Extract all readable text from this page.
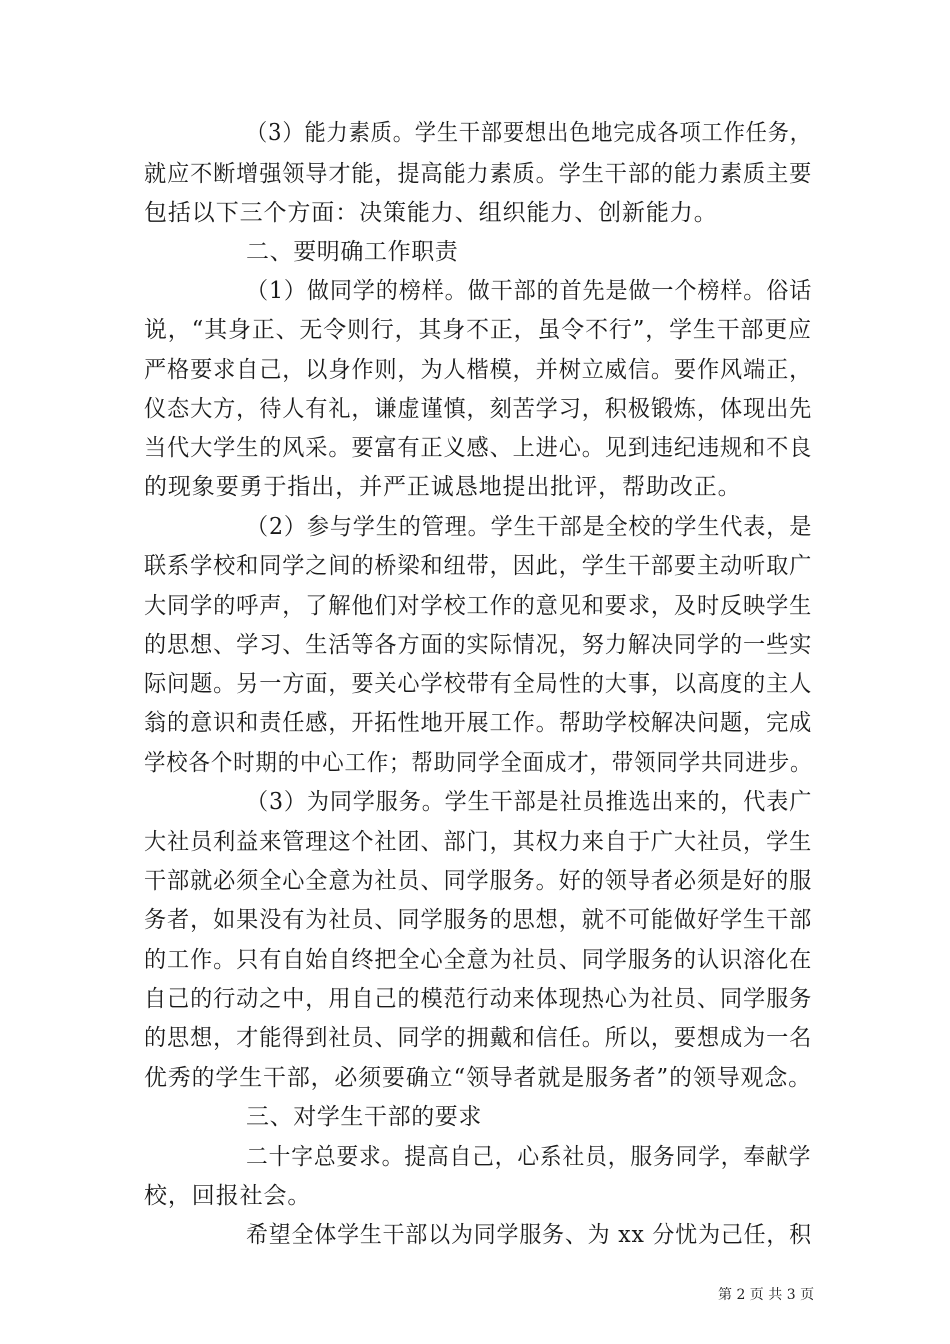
（3）能力素质。学生干部要想出色地完成各项工作任务，
就应不断增强领导才能，提高能力素质。学生干部的能力素质主要
包括以下三个方面：决策能力、组织能力、创新能力。
二、要明确工作职责
（1）做同学的榜样。做干部的首先是做一个榜样。俗话
说，“其身正、无令则行，其身不正，虽令不行”，学生干部更应
严格要求自己，以身作则，为人楷模，并树立威信。要作风端正，
仪态大方，待人有礼，谦虚谨慎，刻苦学习，积极锻炼，体现出先
当代大学生的风采。要富有正义感、上进心。见到违纪违规和不良
的现象要勇于指出，并严正诚恳地提出批评，帮助改正。
（2）参与学生的管理。学生干部是全校的学生代表，是
联系学校和同学之间的桥梁和纽带，因此，学生干部要主动听取广
大同学的呼声，了解他们对学校工作的意见和要求，及时反映学生
的思想、学习、生活等各方面的实际情况，努力解决同学的一些实
际问题。另一方面，要关心学校带有全局性的大事，以高度的主人
翁的意识和责任感，开拓性地开展工作。帮助学校解决问题，完成
学校各个时期的中心工作；帮助同学全面成才，带领同学共同进步。
（3）为同学服务。学生干部是社员推选出来的，代表广
大社员利益来管理这个社团、部门，其权力来自于广大社员，学生
干部就必须全心全意为社员、同学服务。好的领导者必须是好的服
务者，如果没有为社员、同学服务的思想，就不可能做好学生干部
的工作。只有自始自终把全心全意为社员、同学服务的认识溶化在
自己的行动之中，用自己的模范行动来体现热心为社员、同学服务
的思想，才能得到社员、同学的拥戴和信任。所以，要想成为一名
优秀的学生干部，必须要确立“领导者就是服务者”的领导观念。
三、对学生干部的要求
二十字总要求。提高自己，心系社员，服务同学，奉献学
校，回报社会。
希望全体学生干部以为同学服务、为 xx 分忧为己任，积
第 2 页 共 3 页
